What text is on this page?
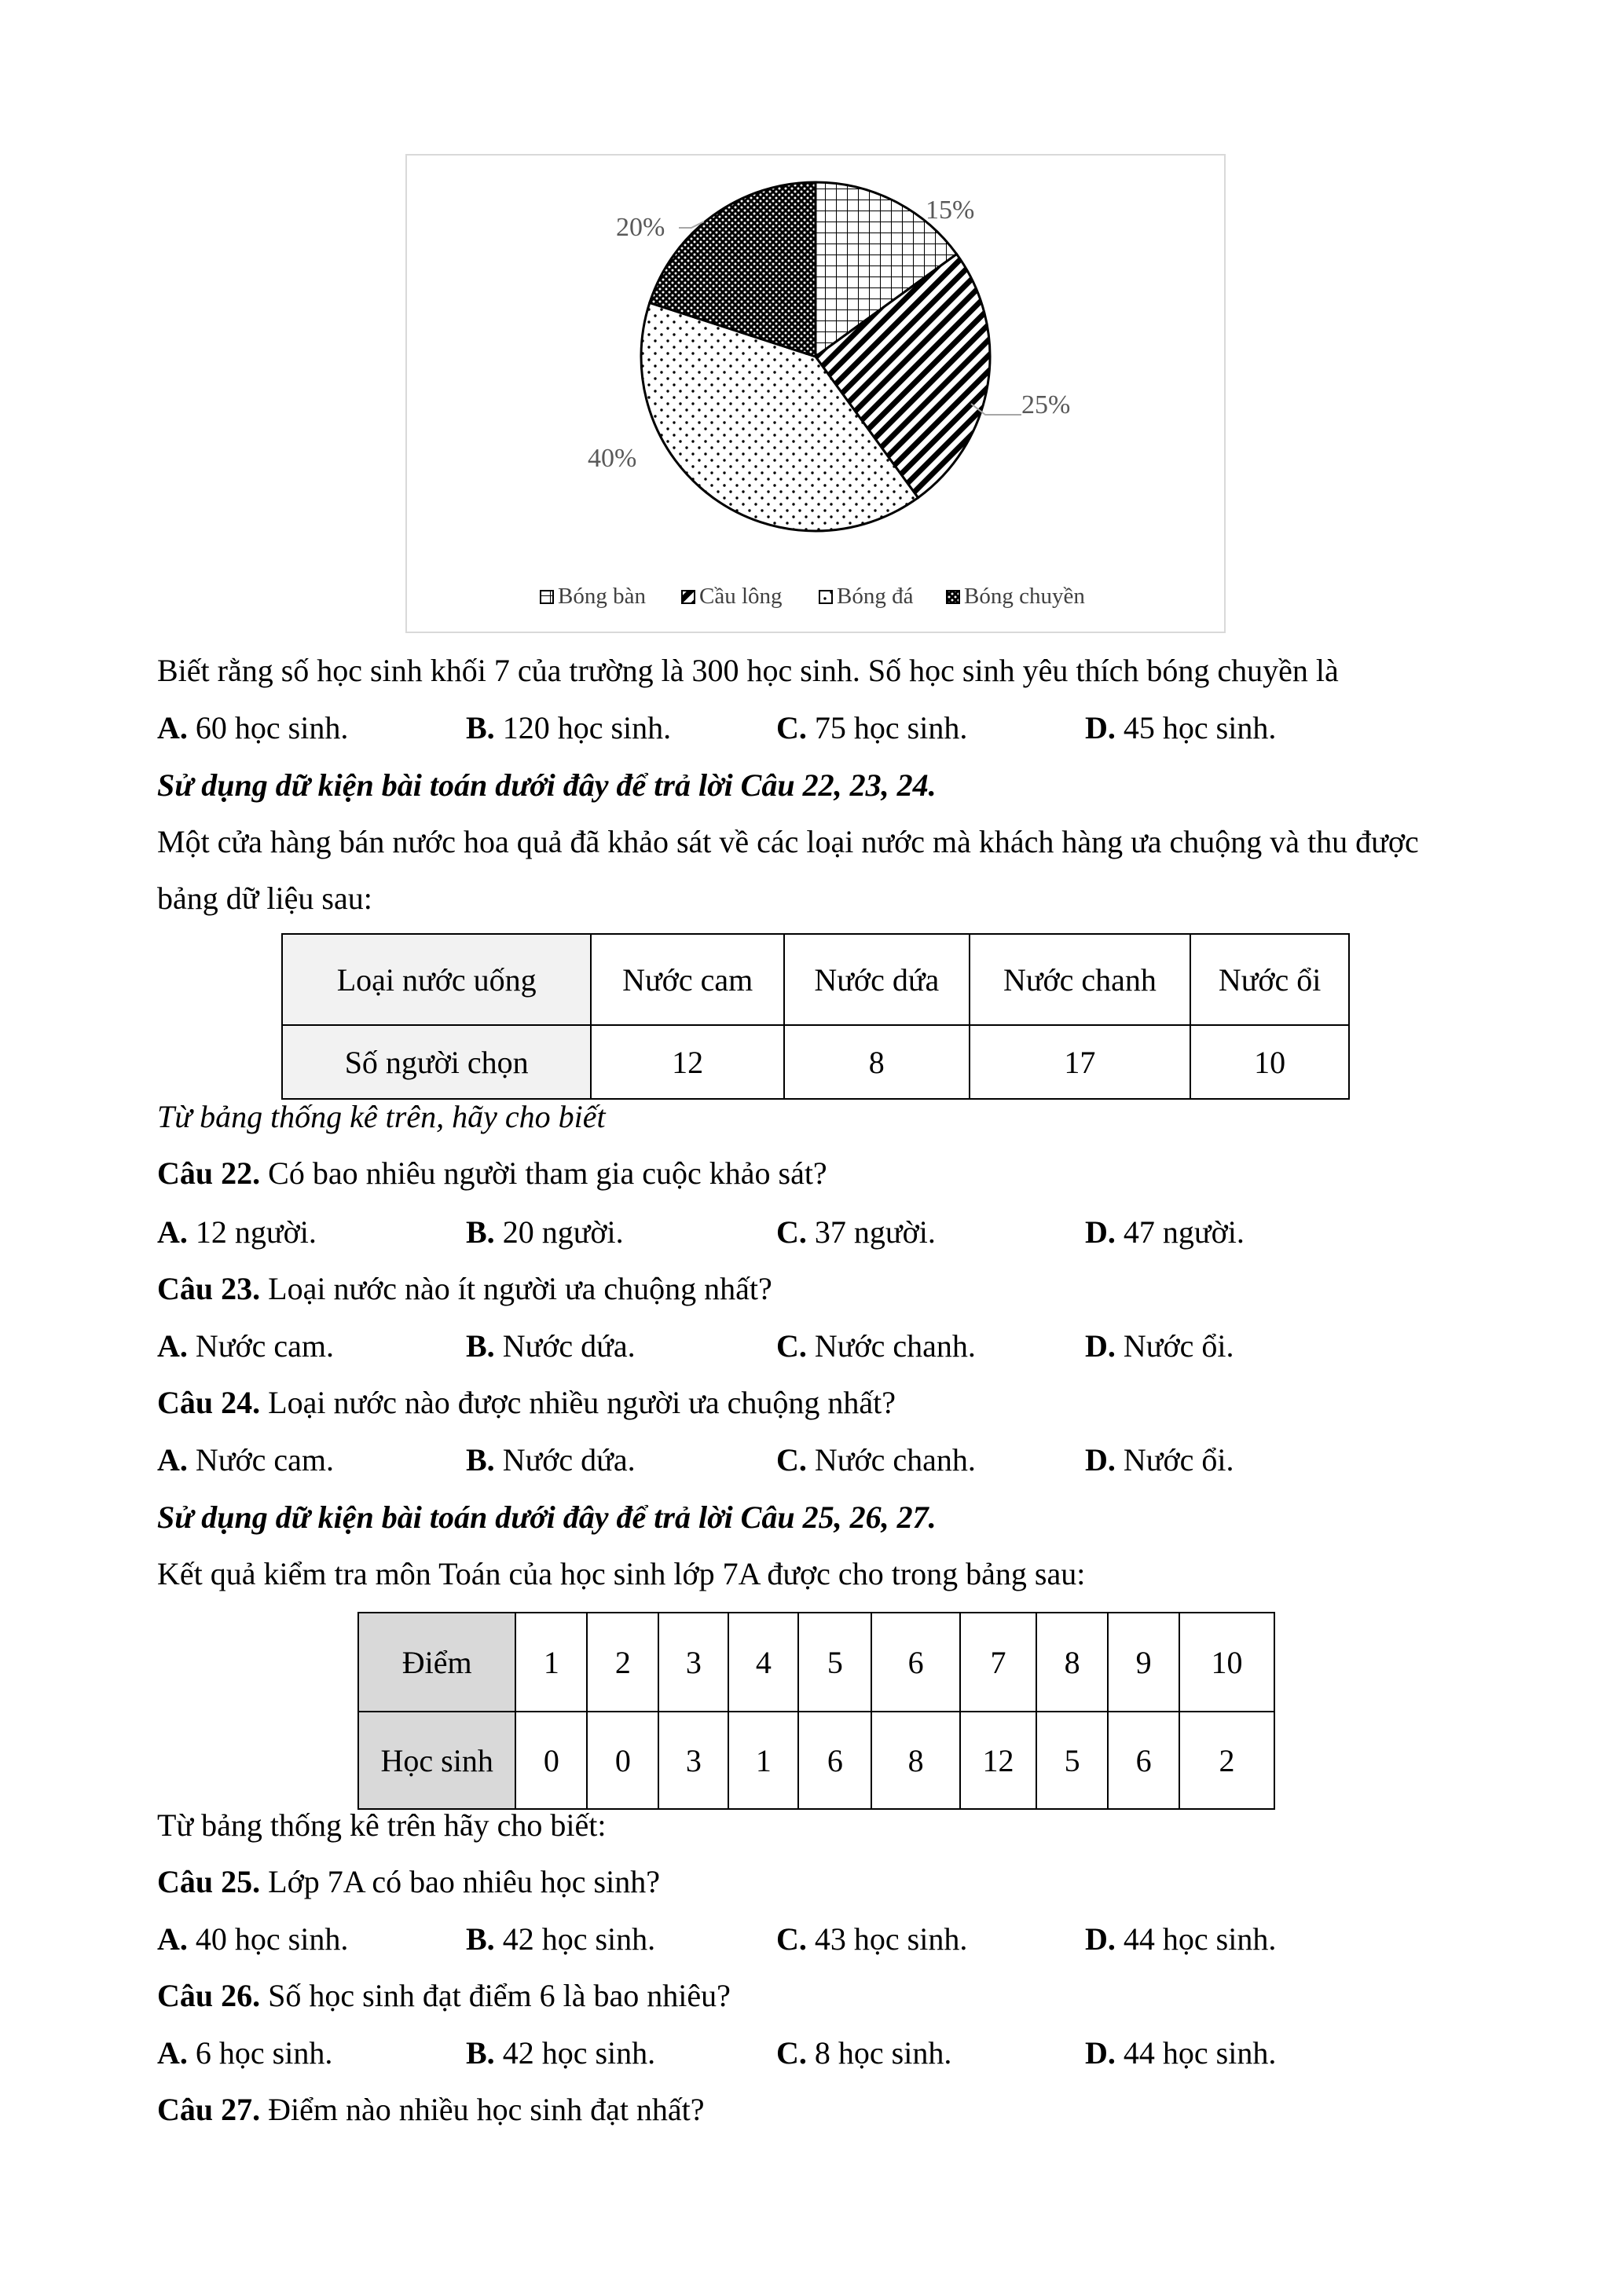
15%
25%
40%
20%
Bóng bàn Cầu lông Bóng đá Bóng chuyền
Biết rằng số học sinh khối 7 của trường là 300 học sinh. Số học sinh yêu thích bóng chuyền là
A. 60 học sinh.	B. 120 học sinh.	C. 75 học sinh.	D. 45 học sinh.
Sử dụng dữ kiện bài toán dưới đây để trả lời Câu 22, 23, 24.
Một cửa hàng bán nước hoa quả đã khảo sát về các loại nước mà khách hàng ưa chuộng và thu được
bảng dữ liệu sau:
Loại nước uống	Nước cam	Nước dứa	Nước chanh	Nước ổi
Số người chọn	12	8	17	10
Từ bảng thống kê trên, hãy cho biết
Câu 22. Có bao nhiêu người tham gia cuộc khảo sát?
A. 12 người.	B. 20 người.	C. 37 người.	D. 47 người.
Câu 23. Loại nước nào ít người ưa chuộng nhất?
A. Nước cam.	B. Nước dứa.	C. Nước chanh.	D. Nước ổi.
Câu 24. Loại nước nào được nhiều người ưa chuộng nhất?
A. Nước cam.	B. Nước dứa.	C. Nước chanh.	D. Nước ổi.
Sử dụng dữ kiện bài toán dưới đây để trả lời Câu 25, 26, 27.
Kết quả kiểm tra môn Toán của học sinh lớp 7A được cho trong bảng sau:
Điểm	1	2	3	4	5	6	7	8	9	10
Học sinh	0	0	3	1	6	8	12	5	6	2
Từ bảng thống kê trên hãy cho biết:
Câu 25. Lớp 7A có bao nhiêu học sinh?
A. 40 học sinh.	B. 42 học sinh.	C. 43 học sinh.	D. 44 học sinh.
Câu 26. Số học sinh đạt điểm 6 là bao nhiêu?
A. 6 học sinh.	B. 42 học sinh.	C. 8 học sinh.	D. 44 học sinh.
Câu 27. Điểm nào nhiều học sinh đạt nhất?
